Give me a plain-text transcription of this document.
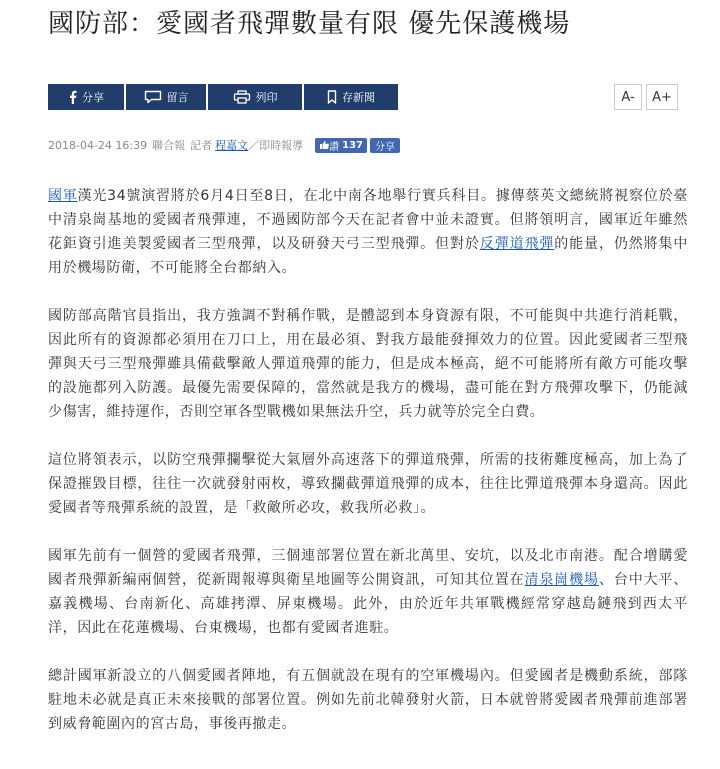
國防部：愛國者飛彈數量有限 優先保護機場
分享	留言	列印	存新聞	A-	A+
2018-04-24 16:39 聯合報 記者 程嘉文 ／即時報導	讚 137	分享

國軍漢光34號演習將於6月4日至8日，在北中南各地舉行實兵科目。據傳蔡英文總統將視察位於臺中清泉崗基地的愛國者飛彈連，不過國防部今天在記者會中並未證實。但將領明言，國軍近年雖然花鉅資引進美製愛國者三型飛彈，以及研發天弓三型飛彈。但對於反彈道飛彈的能量，仍然將集中用於機場防衛，不可能將全台都納入。

國防部高階官員指出，我方強調不對稱作戰，是體認到本身資源有限，不可能與中共進行消耗戰，因此所有的資源都必須用在刀口上，用在最必須、對我方最能發揮效力的位置。因此愛國者三型飛彈與天弓三型飛彈雖具備截擊敵人彈道飛彈的能力，但是成本極高，絕不可能將所有敵方可能攻擊的設施都列入防護。最優先需要保障的，當然就是我方的機場，盡可能在對方飛彈攻擊下，仍能減少傷害，維持運作，否則空軍各型戰機如果無法升空，兵力就等於完全白費。

這位將領表示，以防空飛彈攔擊從大氣層外高速落下的彈道飛彈，所需的技術難度極高，加上為了保證摧毀目標，往往一次就發射兩枚，導致攔截彈道飛彈的成本，往往比彈道飛彈本身還高。因此愛國者等飛彈系統的設置，是「救敵所必攻，救我所必救」。

國軍先前有一個營的愛國者飛彈，三個連部署位置在新北萬里、安坑，以及北市南港。配合增購愛國者飛彈新編兩個營，從新聞報導與衛星地圖等公開資訊，可知其位置在清泉崗機場、台中大平、嘉義機場、台南新化、高雄拷潭、屏東機場。此外，由於近年共軍戰機經常穿越島鏈飛到西太平洋，因此在花蓮機場、台東機場，也都有愛國者進駐。

總計國軍新設立的八個愛國者陣地，有五個就設在現有的空軍機場內。但愛國者是機動系統，部隊駐地未必就是真正未來接戰的部署位置。例如先前北韓發射火箭，日本就曾將愛國者飛彈前進部署到威脅範圍內的宮古島，事後再撤走。
